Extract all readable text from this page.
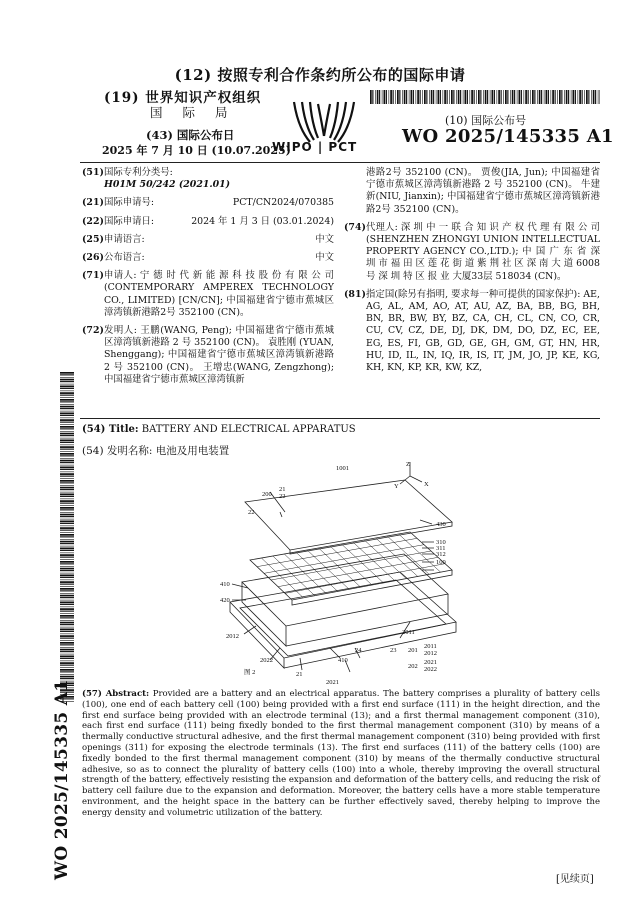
(12) 按照专利合作条约所公布的国际申请
(19) 世界知识产权组织
国 际 局
(43) 国际公布日
2025 年 7 月 10 日 (10.07.2025)
WIPO | PCT
(10) 国际公布号
WO 2025/145335 A1
(51) 国际专利分类号:
H01M 50/242 (2021.01)
(21) 国际申请号:	PCT/CN2024/070385
(22) 国际申请日:	2024 年 1 月 3 日 (03.01.2024)
(25) 申请语言:	中文
(26) 公布语言:	中文
(71) 申请人: 宁 德 时 代 新 能 源 科 技 股 份 有 限 公 司 (CONTEMPORARY AMPEREX TECHNOLOGY CO., LIMITED) [CN/CN]; 中国福建省宁德市蕉城区漳湾镇新港路2号 352100 (CN)。
(72) 发明人: 王鹏(WANG, Peng); 中国福建省宁德市蕉城区漳湾镇新港路 2 号 352100 (CN)。 袁胜刚 (YUAN, Shenggang); 中国福建省宁德市蕉城区漳湾镇新港路 2 号 352100 (CN)。 王增忠(WANG, Zengzhong); 中国福建省宁德市蕉城区漳湾镇新
港路2号 352100 (CN)。 贾俊(JIA, Jun); 中国福建省宁德市蕉城区漳湾镇新港路 2 号 352100 (CN)。 牛建新(NIU, Jianxin); 中国福建省宁德市蕉城区漳湾镇新港路2号 352100 (CN)。
(74) 代理人: 深 圳 中 一 联 合 知 识 产 权 代 理 有 限 公 司 (SHENZHEN ZHONGYI UNION INTELLECTUAL PROPERTY AGENCY CO.,LTD.); 中 国 广 东 省 深 圳 市 福 田 区 莲 花 街 道 紫 荆 社 区 深 南 大 道 6008 号 深 圳 特 区 报 业 大厦33层 518034 (CN)。
(81) 指定国(除另有指明, 要求每一种可提供的国家保护): AE, AG, AL, AM, AO, AT, AU, AZ, BA, BB, BG, BH, BN, BR, BW, BY, BZ, CA, CH, CL, CN, CO, CR, CU, CV, CZ, DE, DJ, DK, DM, DO, DZ, EC, EE, EG, ES, FI, GB, GD, GE, GH, GM, GT, HN, HR, HU, ID, IL, IN, IQ, IR, IS, IT, JM, JO, JP, KE, KG, KH, KN, KP, KR, KW, KZ,
WO 2025/145335 A1
(54) Title: BATTERY AND ELECTRICAL APPARATUS
(54) 发明名称: 电池及用电装置
1001
200
21
22
22
430
310
311
312
100
410
420
2012
2011
2022
21
24
410
23 201
2011
2012
202
2021
2022
2021
图 2
X
Y
Z
(57) Abstract: Provided are a battery and an electrical apparatus. The battery comprises a plurality of battery cells (100), one end of each battery cell (100) being provided with a first end surface (111) in the height direction, and the first end surface being provided with an electrode terminal (13); and a first thermal management component (310), each first end surface (111) being fixedly bonded to the first thermal management component (310) by means of a thermally conductive structural adhesive, and the first thermal management component (310) being provided with first openings (311) for exposing the electrode terminals (13). The first end surfaces (111) of the battery cells (100) are fixedly bonded to the first thermal management component (310) by means of the thermally conductive structural adhesive, so as to connect the plurality of battery cells (100) into a whole, thereby improving the overall structural strength of the battery, effectively resisting the expansion and deformation of the battery cells, and reducing the risk of battery cell failure due to the expansion and deformation. Moreover, the battery cells have a more stable temperature environment, and the height space in the battery can be further effectively saved, thereby helping to improve the energy density and volumetric utilization of the battery.
[见续页]
